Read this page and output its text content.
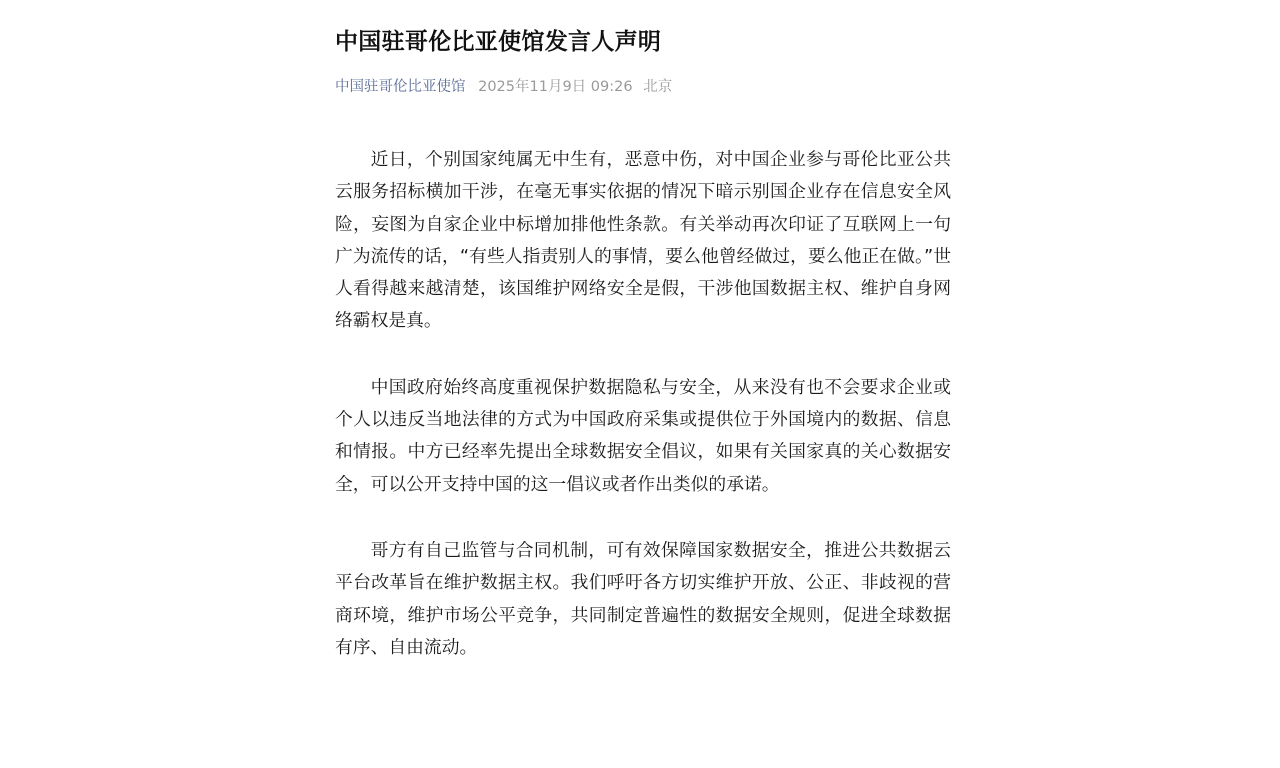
中国驻哥伦比亚使馆发言人声明
中国驻哥伦比亚使馆 2025年11月9日 09:26 北京

近日，个别国家纯属无中生有，恶意中伤，对中国企业参与哥伦比亚公共云服务招标横加干涉，在毫无事实依据的情况下暗示别国企业存在信息安全风险，妄图为自家企业中标增加排他性条款。有关举动再次印证了互联网上一句广为流传的话，“有些人指责别人的事情，要么他曾经做过，要么他正在做。”世人看得越来越清楚，该国维护网络安全是假，干涉他国数据主权、维护自身网络霸权是真。

中国政府始终高度重视保护数据隐私与安全，从来没有也不会要求企业或个人以违反当地法律的方式为中国政府采集或提供位于外国境内的数据、信息和情报。中方已经率先提出全球数据安全倡议，如果有关国家真的关心数据安全，可以公开支持中国的这一倡议或者作出类似的承诺。

哥方有自己监管与合同机制，可有效保障国家数据安全，推进公共数据云平台改革旨在维护数据主权。我们呼吁各方切实维护开放、公正、非歧视的营商环境，维护市场公平竞争，共同制定普遍性的数据安全规则，促进全球数据有序、自由流动。
